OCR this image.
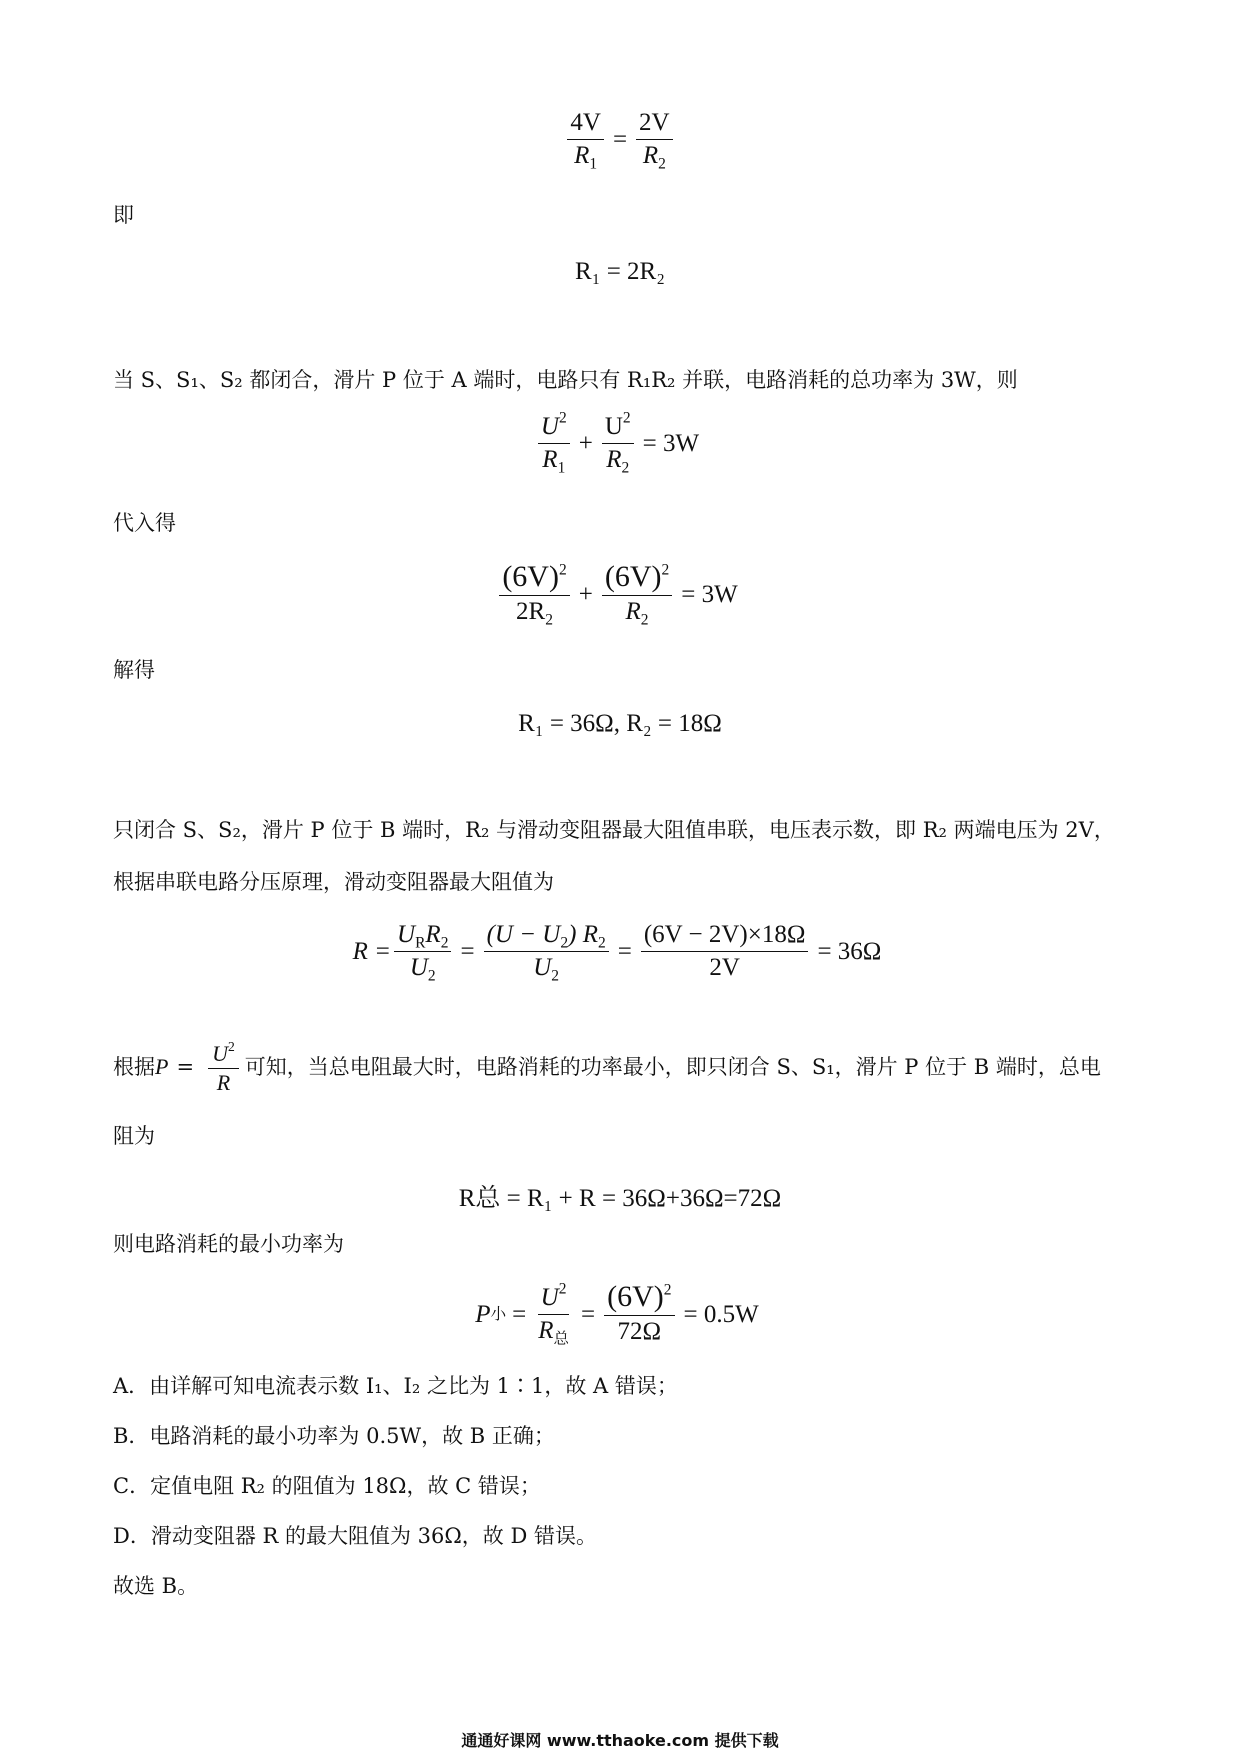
$\frac{4V}{R_1} = \frac{2V}{R_2}$
即
R₁ = 2R₂
当 S、S₁、S₂ 都闭合，滑片 P 位于 A 端时，电路只有 R₁R₂ 并联，电路消耗的总功率为 3W，则
$\frac{U^2}{R_1} + \frac{U^2}{R_2} = 3W$
代入得
$\frac{(6V)^2}{2R_2} + \frac{(6V)^2}{R_2} = 3W$
解得
R₁ = 36Ω, R₂ = 18Ω
只闭合 S、S₂，滑片 P 位于 B 端时，R₂ 与滑动变阻器最大阻值串联，电压表示数，即 R₂ 两端电压为 2V，
根据串联电路分压原理，滑动变阻器最大阻值为
$R = \frac{U_RR_2}{U_2} = \frac{(U - U_2) R_2}{U_2} = \frac{(6V - 2V)\times 18\Omega}{2V} = 36\Omega$
根据$P = \frac{U^2}{R}$ 可知，当总电阻最大时，电路消耗的功率最小，即只闭合 S、S₁，滑片 P 位于 B 端时，总电
阻为
R总 = R₁ + R = 36Ω+36Ω=72Ω
则电路消耗的最小功率为
P 小 = $\frac{U^2}{R_总} = \frac{(6V)^2}{72\Omega} = 0.5W$
A．由详解可知电流表示数 I₁、I₂ 之比为 1∶1，故 A 错误；
B．电路消耗的最小功率为 0.5W，故 B 正确；
C．定值电阻 R₂ 的阻值为 18Ω，故 C 错误；
D．滑动变阻器 R 的最大阻值为 36Ω，故 D 错误。
故选 B。
通通好课网 www.tthaoke.com 提供下载
